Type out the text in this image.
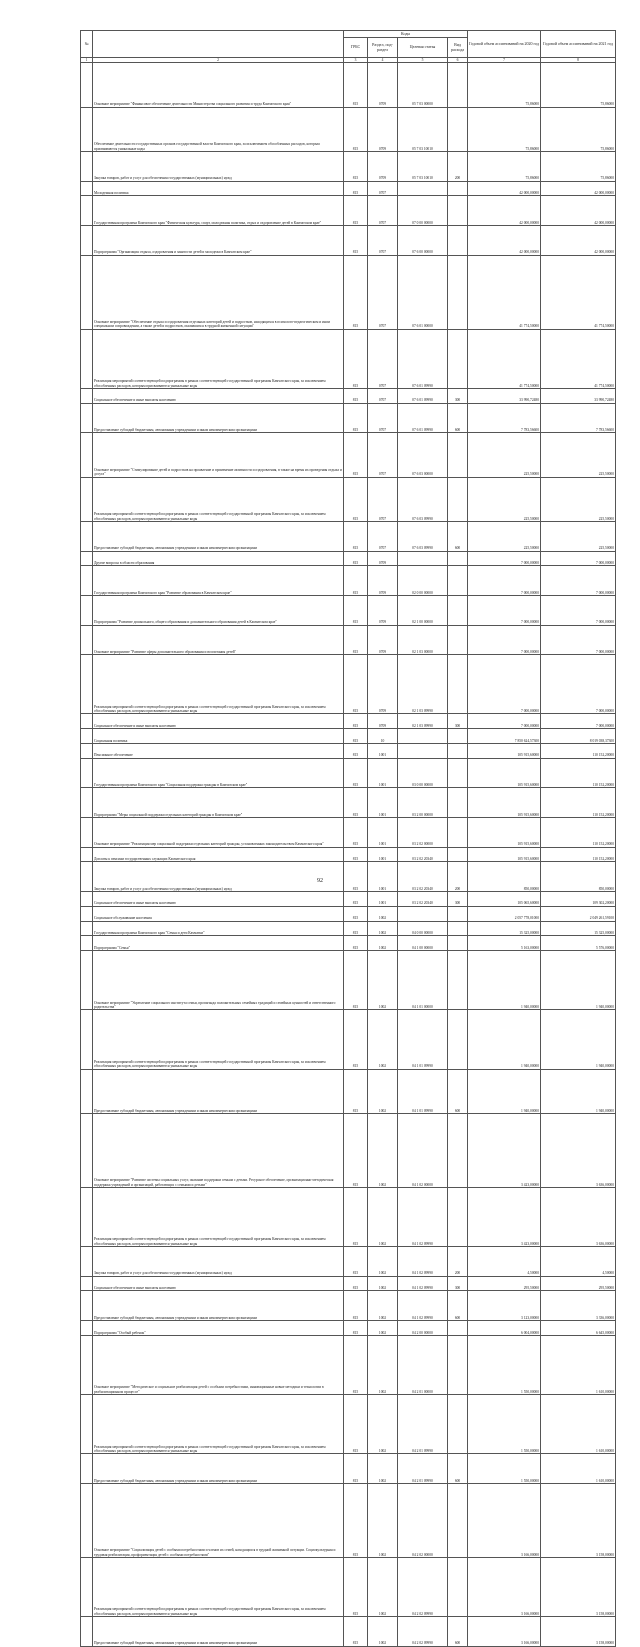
№		Коды				Годовой объем ассигнований на 2020 год	Годовой объем ассигнований на 2021 год
		ГРБС	Раздел, под-раздел	Целевая статья	Вид расхода		
1	2	3	4	5	6	7	8
	Основное мероприятие "Финансовое обеспечение деятельности Министерства социального развития и труда Камчатского края"	815	0709	05 7 03 00000		75,86000	75,86000
	Обеспечение деятельности государственных органов государственной власти Камчатского края, за исключением обособленных расходов, которым присваиваются уникальные коды	815	0709	05 7 03 10010		75,86000	75,86000
	Закупка товаров, работ и услуг для обеспечения государственных (муниципальных) нужд	815	0709	05 7 03 10010	200	75,86000	75,86000
	Молодежная политика	815	0707			42 000,00000	42 000,00000
	Государственная программа Камчатского края "Физическая культура, спорт, молодежная политика, отдых и оздоровление детей в Камчатском крае"	815	0707	07 0 00 00000		42 000,00000	42 000,00000
	Подпрограмма "Организация отдыха, оздоровления и занятости детей и молодежи в Камчатском крае"	815	0707	07 6 00 00000		42 000,00000	42 000,00000
	Основное мероприятие "Обеспечение отдыха и оздоровления отдельных категорий детей и подростков, находящихся в психолого-педагогическом и ином специальном сопровождении, а также детей и подростков, оказавшихся в трудной жизненной ситуации"	815	0707	07 6 01 00000		41 774,50000	41 774,50000
	Реализация мероприятий соответствующей подпрограммы в рамках соответствующей государственной программы Камчатского края, за исключением обособленных расходов, которым присваиваются уникальные коды	815	0707	07 6 01 09990		41 774,50000	41 774,50000
	Социальное обеспечение и иные выплаты населению	815	0707	07 6 01 09990	300	33 990,72480	33 990,72480
	Предоставление субсидий бюджетным, автономным учреждениям и иным некоммерческим организациям	815	0707	07 6 01 09990	600	7 783,56600	7 783,56600
	Основное мероприятие "Стимулирование детей и подростков на проявление и применение активности и оздоровления, в также на время их проведения отдыха и досуга"	815	0707	07 6 03 00000		225,50000	225,50000
	Реализация мероприятий соответствующей подпрограммы в рамках соответствующей государственной программы Камчатского края, за исключением обособленных расходов, которым присваиваются уникальные коды	815	0707	07 6 03 09990		225,50000	225,50000
	Предоставление субсидий бюджетным, автономным учреждениям и иным некоммерческим организациям	815	0707	07 6 03 09990	600	225,50000	225,50000
	Другие вопросы в области образования	815	0709			7 000,00000	7 000,00000
	Государственная программа Камчатского края "Развитие образования в Камчатском крае"	815	0709	02 0 00 00000		7 000,00000	7 000,00000
	Подпрограмма "Развитие дошкольного, общего образования и дополнительного образования детей в Камчатском крае"	815	0709	02 1 00 00000		7 000,00000	7 000,00000
	Основное мероприятие "Развитие сферы дополнительного образования и воспитания детей"	815	0709	02 1 03 00000		7 000,00000	7 000,00000
	Реализация мероприятий соответствующей подпрограммы в рамках соответствующей государственной программы Камчатского края, за исключением обособленных расходов, которым присваиваются уникальные коды	815	0709	02 1 03 09990		7 000,00000	7 000,00000
	Социальное обеспечение и иные выплаты населению	815	0709	02 1 03 09990	300	7 000,00000	7 000,00000
	Социальная политика	815	10			7 850 624,57300	8 019 038,37300
	Пенсионное обеспечение	815	1001			105 915,60000	110 152,20000
	Государственная программа Камчатского края "Социальная поддержка граждан в Камчатском крае"	815	1001	03 0 00 00000		105 915,60000	110 152,20000
	Подпрограмма "Меры социальной поддержки отдельных категорий граждан в Камчатском крае"	815	1001	03 2 00 00000		105 915,60000	110 152,20000
	Основное мероприятие "Реализация мер социальной поддержки отдельных категорий граждан, установленных законодательством Камчатского края"	815	1001	03 2 02 00000		105 915,60000	110 152,20000
	Доплаты к пенсиям государственных служащих Камчатского края	815	1001	03 2 02 20340		105 915,60000	110 152,20000
	Закупка товаров, работ и услуг для обеспечения государственных (муниципальных) нужд	815	1001	03 2 02 20340	200	850,00000	850,00000
	Социальное обеспечение и иные выплаты населению	815	1001	03 2 02 20340	300	105 065,60000	109 302,20000
	Социальное обслуживание населения	815	1002			2 057 778,01000	2 049 261,59100
	Государственная программа Камчатского края "Семья и дети Камчатки"	815	1002	04 0 00 00000		15 325,00000	15 325,00000
	Подпрограмма "Семья"	815	1002	04 1 00 00000		5 163,00000	5 576,00000
	Основное мероприятие "Укрепление социального института семьи, пропаганда положительных семейных традиций и семейных ценностей и ответственного родительства"	815	1002	04 1 01 00000		1 940,00000	1 940,00000
	Реализация мероприятий соответствующей подпрограммы в рамках соответствующей государственной программы Камчатского края, за исключением обособленных расходов, которым присваиваются уникальные коды	815	1002	04 1 01 09990		1 940,00000	1 940,00000
	Предоставление субсидий бюджетным, автономным учреждениям и иным некоммерческим организациям	815	1002	04 1 01 09990	600	1 940,00000	1 940,00000
	Основное мероприятие "Развитие системы социальных услуг, оказание поддержки семьям с детьми. Ресурсное обеспечение, организационно-методическая поддержка учреждений и организаций, работающих с семьями и детьми"	815	1002	04 1 02 00000		3 423,00000	3 636,00000
	Реализация мероприятий соответствующей подпрограммы в рамках соответствующей государственной программы Камчатского края, за исключением обособленных расходов, которым присваиваются уникальные коды	815	1002	04 1 02 09990		3 423,00000	3 636,00000
	Закупка товаров, работ и услуг для обеспечения государственных (муниципальных) нужд	815	1002	04 1 02 09990	200	4,50000	4,50000
	Социальное обеспечение и иные выплаты населению	815	1002	04 1 02 09990	300	295,50000	295,50000
	Предоставление субсидий бюджетным, автономным учреждениям и иным некоммерческим организациям	815	1002	04 1 02 09990	600	3 123,00000	3 336,00000
	Подпрограмма "Особый ребенок"	815	1002	04 2 00 00000		6 004,00000	6 645,00000
	Основное мероприятие "Методическое и социальное реабилитация детей с особыми потребностями, инновационные новые методики и технологии в реабилитационном процессе"	815	1002	04 2 01 00000		1 550,00000	1 610,00000
	Реализация мероприятий соответствующей подпрограммы в рамках соответствующей государственной программы Камчатского края, за исключением обособленных расходов, которым присваиваются уникальные коды	815	1002	04 2 01 09990		1 550,00000	1 610,00000
	Предоставление субсидий бюджетным, автономным учреждениям и иным некоммерческим организациям	815	1002	04 2 01 09990	600	1 550,00000	1 610,00000
	Основное мероприятие "Социализация детей с особыми потребностями и членов их семей, находящихся в трудной жизненной ситуации. Социокультурная и трудовая реабилитация, профориентация детей с особыми потребностями"	815	1002	04 2 02 00000		3 166,00000	3 158,00000
	Реализация мероприятий соответствующей подпрограммы в рамках соответствующей государственной программы Камчатского края, за исключением обособленных расходов, которым присваиваются уникальные коды	815	1002	04 2 02 09990		3 166,00000	3 158,00000
	Предоставление субсидий бюджетным, автономным учреждениям и иным некоммерческим организациям	815	1002	04 2 02 09990	600	3 166,00000	3 158,00000
92
